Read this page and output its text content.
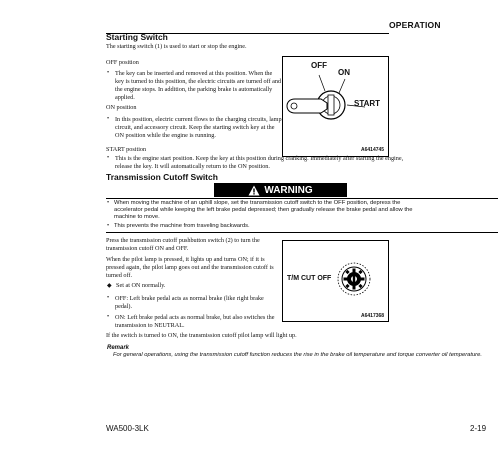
OPERATION
Starting Switch
The starting switch (1) is used to start or stop the engine.
OFF position
• The key can be inserted and removed at this position. When the
key is turned to this position, the electric circuits are turned off and
the engine stops. In addition, the parking brake is automatically
applied.
ON position
• In this position, electric current flows to the charging circuits, lamp
circuit, and accessory circuit. Keep the starting switch key at the
ON position while the engine is running.
OFF
ON
START
A6414745
START position
• This is the engine start position. Keep the key at this position during cranking. Immediately after starting the engine,
release the key. It will automatically return to the ON position.
Transmission Cutoff Switch
WARNING
• When moving the machine of an uphill slope, set the transmission cutoff switch to the OFF position, depress the
accelerator pedal while keeping the left brake pedal depressed; then gradually release the brake pedal and allow the
machine to move.
• This prevents the machine from traveling backwards.
Press the transmission cutoff pushbutton switch (2) to turn the
transmission cutoff ON and OFF.
When the pilot lamp is pressed, it lights up and turns ON; if it is
pressed again, the pilot lamp goes out and the transmission cutoff is
turned off.
◆ Set at ON normally.
• OFF: Left brake pedal acts as normal brake (like right brake
pedal).
• ON: Left brake pedal acts as normal brake, but also switches the
transmission to NEUTRAL.
T/M CUT OFF
A6417368
If the switch is turned to ON, the transmission cutoff pilot lamp will light up.
Remark
For general operations, using the transmission cutoff function reduces the rise in the brake oil temperature and torque converter oil temperature.
WA500-3LK	2-19
